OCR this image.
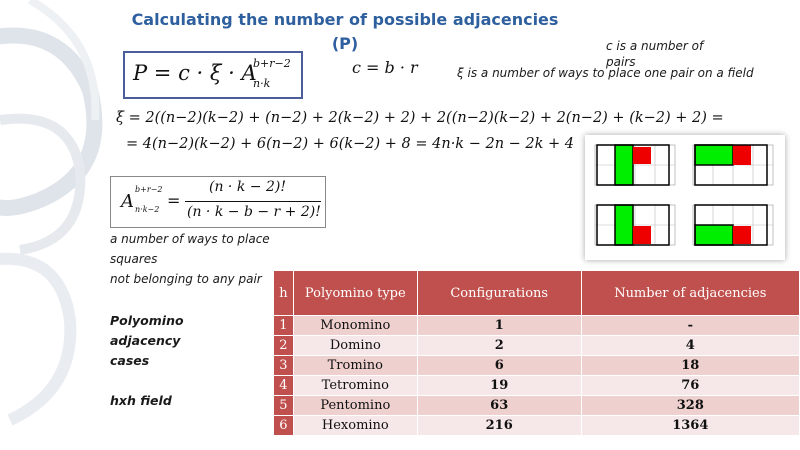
Calculating the number of possible adjacencies
(P)
P = c · ξ · A
b+r−2
n·k
c = b · r
c is a number of pairs
ξ is a number of ways to place one pair on a field
ξ = 2((n−2)(k−2) + (n−2) + 2(k−2) + 2) + 2((n−2)(k−2) + 2(n−2) + (k−2) + 2) =
= 4(n−2)(k−2) + 6(n−2) + 6(k−2) + 8 = 4n·k − 2n − 2k + 4
A
b+r−2
n·k−2 =
(n · k − 2)!
(n · k − b − r + 2)!
a number of ways to place
squares
not belonging to any pair
Polyomino
adjacency
cases
hxh field
h	Polyomino type	Configurations	Number of adjacencies
1	Monomino	1	-
2	Domino	2	4
3	Tromino	6	18
4	Tetromino	19	76
5	Pentomino	63	328
6	Hexomino	216	1364
